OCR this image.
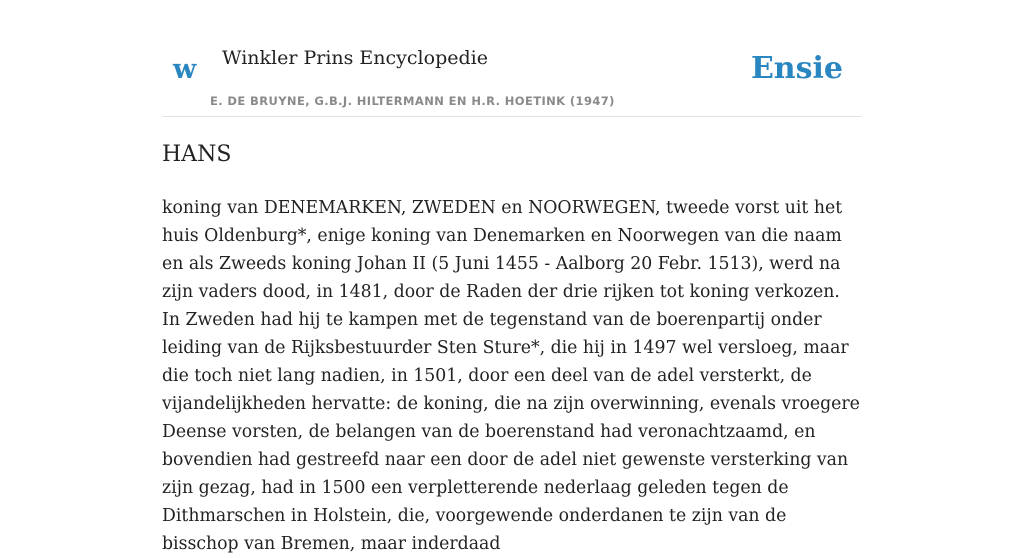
w Winkler Prins Encyclopedie
E. DE BRUYNE, G.B.J. HILTERMANN EN H.R. HOETINK (1947)
Ensie
HANS

koning van DENEMARKEN, ZWEDEN en NOORWEGEN, tweede vorst uit het huis Oldenburg*, enige koning van Denemarken en Noorwegen van die naam en als Zweeds koning Johan II (5 Juni 1455 - Aalborg 20 Febr. 1513), werd na zijn vaders dood, in 1481, door de Raden der drie rijken tot koning verkozen. In Zweden had hij te kampen met de tegenstand van de boerenpartij onder leiding van de Rijksbestuurder Sten Sture*, die hij in 1497 wel versloeg, maar die toch niet lang nadien, in 1501, door een deel van de adel versterkt, de vijandelijkheden hervatte: de koning, die na zijn overwinning, evenals vroegere Deense vorsten, de belangen van de boerenstand had veronachtzaamd, en bovendien had gestreefd naar een door de adel niet gewenste versterking van zijn gezag, had in 1500 een verpletterende nederlaag geleden tegen de Dithmarschen in Holstein, die, voorgewende onderdanen te zijn van de bisschop van Bremen, maar inderdaad
